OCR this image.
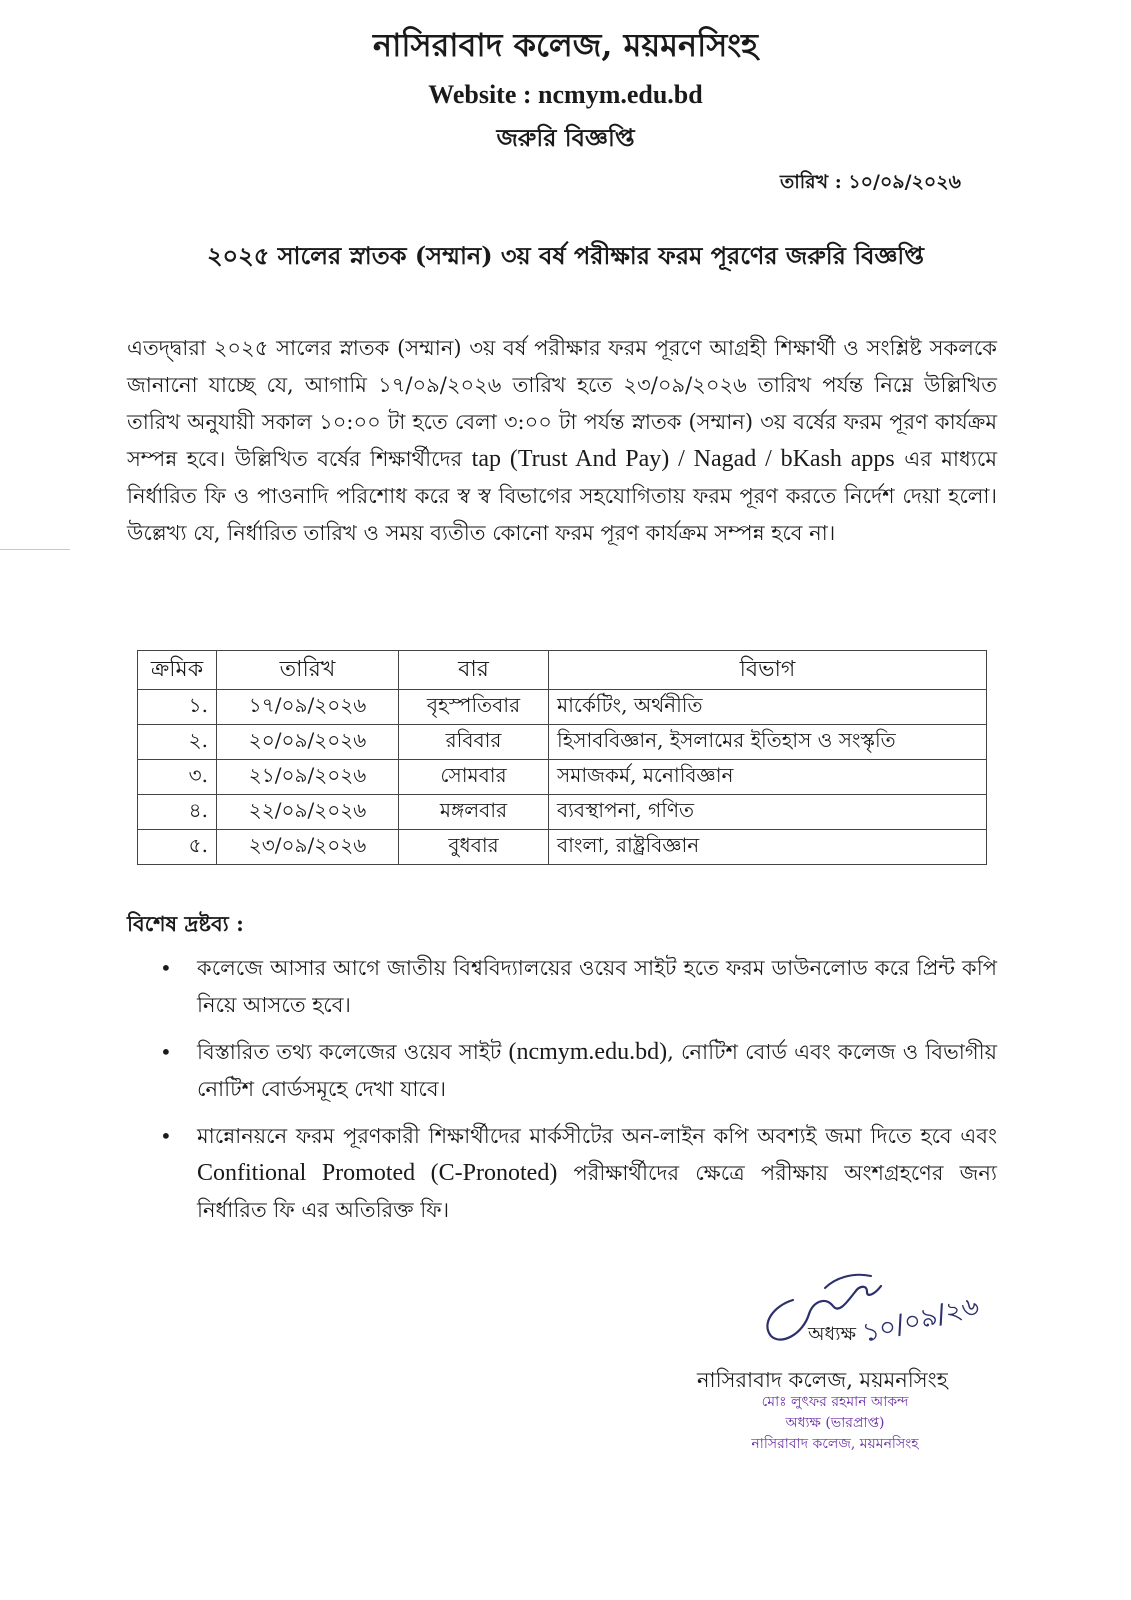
নাসিরাবাদ কলেজ, ময়মনসিংহ
Website : ncmym.edu.bd
জরুরি বিজ্ঞপ্তি
তারিখ : ১০/০৯/২০২৬
২০২৫ সালের স্নাতক (সম্মান) ৩য় বর্ষ পরীক্ষার ফরম পূরণের জরুরি বিজ্ঞপ্তি
এতদ্দ্বারা ২০২৫ সালের স্নাতক (সম্মান) ৩য় বর্ষ পরীক্ষার ফরম পূরণে আগ্রহী শিক্ষার্থী ও সংশ্লিষ্ট সকলকে জানানো যাচ্ছে যে, আগামি ১৭/০৯/২০২৬ তারিখ হতে ২৩/০৯/২০২৬ তারিখ পর্যন্ত নিম্নে উল্লিখিত তারিখ অনুযায়ী সকাল ১০:০০ টা হতে বেলা ৩:০০ টা পর্যন্ত স্নাতক (সম্মান) ৩য় বর্ষের ফরম পূরণ কার্যক্রম সম্পন্ন হবে। উল্লিখিত বর্ষের শিক্ষার্থীদের tap (Trust And Pay) / Nagad / bKash apps এর মাধ্যমে নির্ধারিত ফি ও পাওনাদি পরিশোধ করে স্ব স্ব বিভাগের সহযোগিতায় ফরম পূরণ করতে নির্দেশ দেয়া হলো। উল্লেখ্য যে, নির্ধারিত তারিখ ও সময় ব্যতীত কোনো ফরম পূরণ কার্যক্রম সম্পন্ন হবে না।
ক্রমিক	তারিখ	বার	বিভাগ
১.	১৭/০৯/২০২৬	বৃহস্পতিবার	মার্কেটিং, অর্থনীতি
২.	২০/০৯/২০২৬	রবিবার	হিসাববিজ্ঞান, ইসলামের ইতিহাস ও সংস্কৃতি
৩.	২১/০৯/২০২৬	সোমবার	সমাজকর্ম, মনোবিজ্ঞান
৪.	২২/০৯/২০২৬	মঙ্গলবার	ব্যবস্থাপনা, গণিত
৫.	২৩/০৯/২০২৬	বুধবার	বাংলা, রাষ্ট্রবিজ্ঞান
বিশেষ দ্রষ্টব্য :
• কলেজে আসার আগে জাতীয় বিশ্ববিদ্যালয়ের ওয়েব সাইট হতে ফরম ডাউনলোড করে প্রিন্ট কপি নিয়ে আসতে হবে।
• বিস্তারিত তথ্য কলেজের ওয়েব সাইট (ncmym.edu.bd), নোটিশ বোর্ড এবং কলেজ ও বিভাগীয় নোটিশ বোর্ডসমূহে দেখা যাবে।
• মান্নোনয়নে ফরম পূরণকারী শিক্ষার্থীদের মার্কসীটের অন-লাইন কপি অবশ্যই জমা দিতে হবে এবং Confitional Promoted (C-Pronoted) পরীক্ষার্থীদের ক্ষেত্রে পরীক্ষায় অংশগ্রহণের জন্য নির্ধারিত ফি এর অতিরিক্ত ফি।
১০/০৯/২৬
অধ্যক্ষ
নাসিরাবাদ কলেজ, ময়মনসিংহ
মোঃ লুৎফর রহমান আকন্দ
অধ্যক্ষ (ভারপ্রাপ্ত)
নাসিরাবাদ কলেজ, ময়মনসিংহ
